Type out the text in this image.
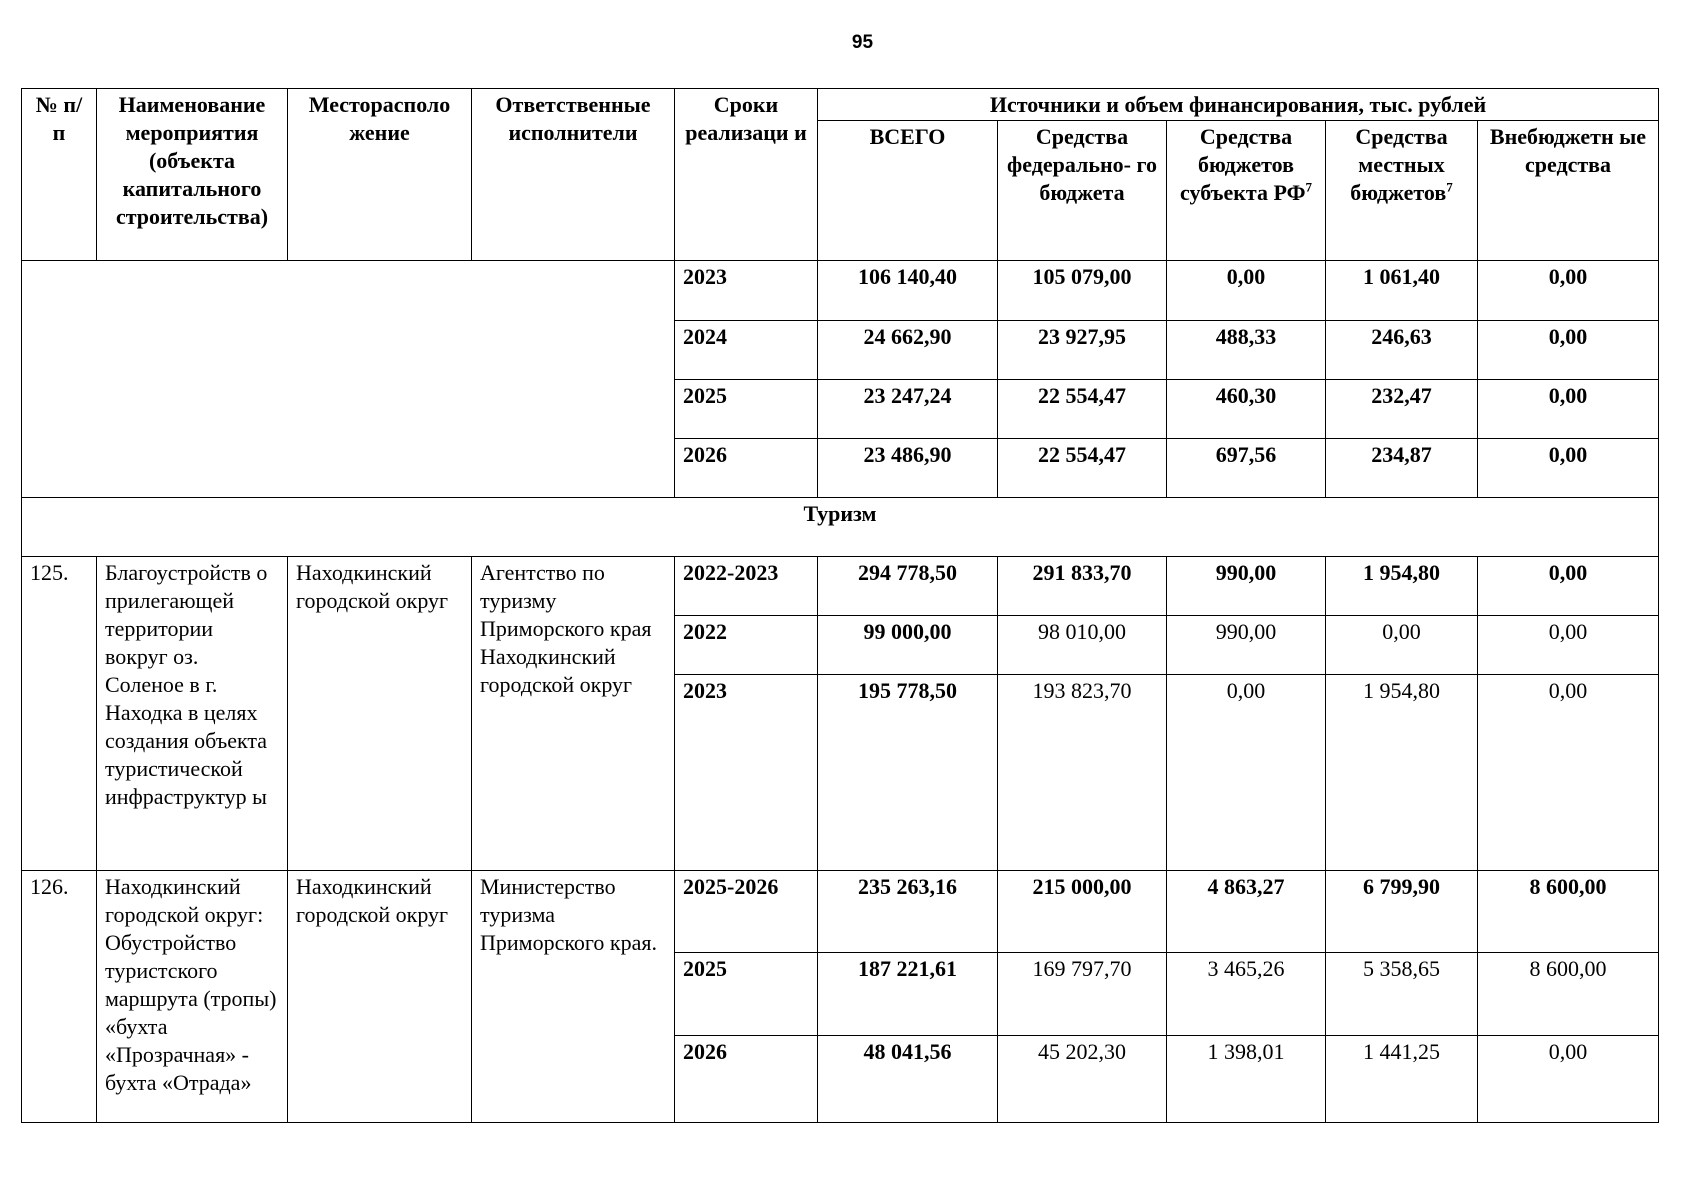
95
№ п/п	Наименование мероприятия (объекта капитального строительства)	Месторасполо жение	Ответственные исполнители	Сроки реализаци и	Источники и объем финансирования, тыс. рублей				
					ВСЕГО	Средства федерально- го бюджета	Средства бюджетов субъекта $РФ^7$	Средства местных бюджетов$^7$	Внебюджетн ые средства
				2023	106 140,40	105 079,00	0,00	1 061,40	0,00
				2024	24 662,90	23 927,95	488,33	246,63	0,00
				2025	23 247,24	22 554,47	460,30	232,47	0,00
				2026	23 486,90	22 554,47	697,56	234,87	0,00
Туризм									
125.	Благоустройств о прилегающей территории вокруг оз. Соленое в г. Находка в целях создания объекта туристической инфраструктур ы	Находкинский городской округ	Агентство по туризму Приморского края Находкинский городской округ	2022-2023	294 778,50	291 833,70	990,00	1 954,80	0,00
				2022	99 000,00	98 010,00	990,00	0,00	0,00
				2023	195 778,50	193 823,70	0,00	1 954,80	0,00
126.	Находкинский городской округ: Обустройство туристского маршрута (тропы) «бухта «Прозрачная» - бухта «Отрада»	Находкинский городской округ	Министерство туризма Приморского края.	2025-2026	235 263,16	215 000,00	4 863,27	6 799,90	8 600,00
				2025	187 221,61	169 797,70	3 465,26	5 358,65	8 600,00
				2026	48 041,56	45 202,30	1 398,01	1 441,25	0,00
